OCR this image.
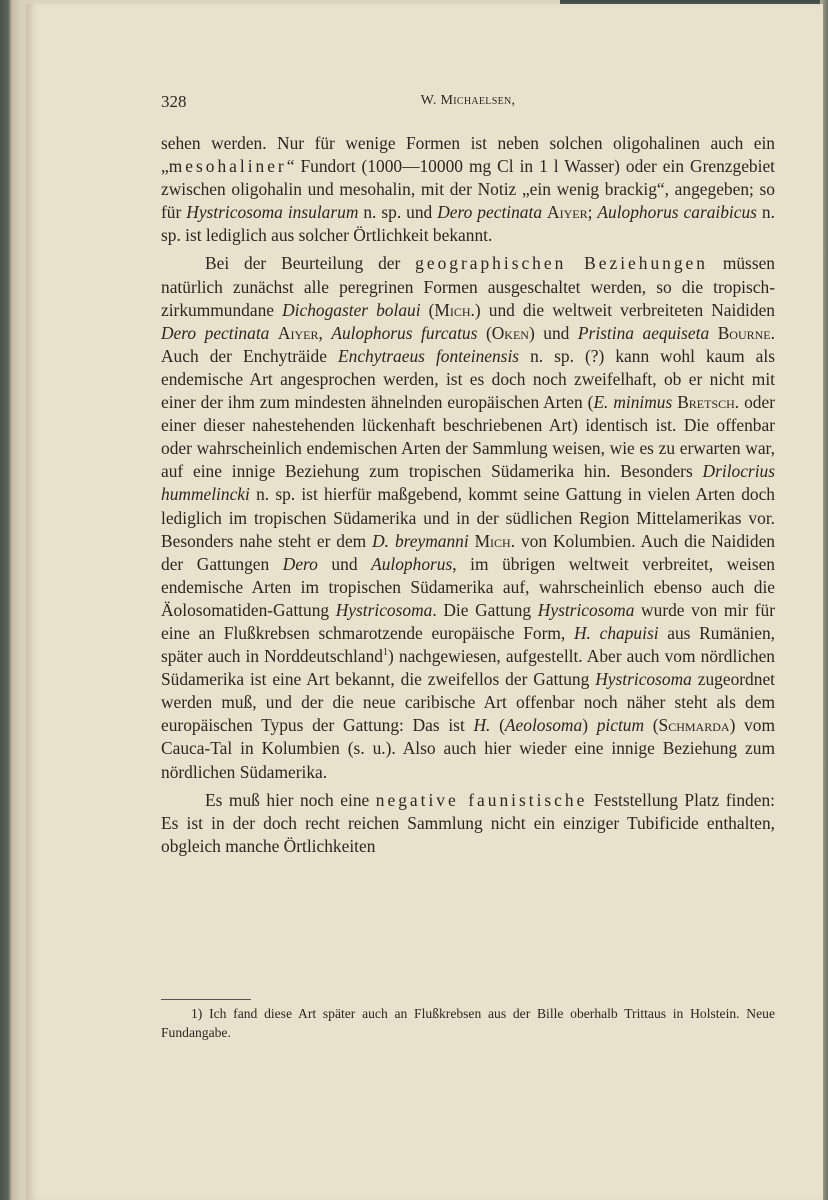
328	W. Michaelsen,

sehen werden. Nur für wenige Formen ist neben solchen oligohalinen auch ein „mesohaliner“ Fundort (1000—10000 mg Cl in 1 l Wasser) oder ein Grenzgebiet zwischen oligohalin und mesohalin, mit der Notiz „ein wenig brackig“, angegeben; so für Hystricosoma insularum n. sp. und Dero pectinata Aiyer; Aulophorus caraibicus n. sp. ist lediglich aus solcher Örtlichkeit bekannt.

Bei der Beurteilung der geographischen Beziehungen müssen natürlich zunächst alle peregrinen Formen ausgeschaltet werden, so die tropisch-zirkummundane Dichogaster bolaui (Mich.) und die weltweit verbreiteten Naididen Dero pectinata Aiyer, Aulophorus furcatus (Oken) und Pristina aequiseta Bourne. Auch der Enchyträide Enchytraeus fonteinensis n. sp. (?) kann wohl kaum als endemische Art angesprochen werden, ist es doch noch zweifelhaft, ob er nicht mit einer der ihm zum mindesten ähnelnden europäischen Arten (E. minimus Bretsch. oder einer dieser nahestehenden lückenhaft beschriebenen Art) identisch ist. Die offenbar oder wahrscheinlich endemischen Arten der Sammlung weisen, wie es zu erwarten war, auf eine innige Beziehung zum tropischen Südamerika hin. Besonders Drilocrius hummelincki n. sp. ist hierfür maßgebend, kommt seine Gattung in vielen Arten doch lediglich im tropischen Südamerika und in der südlichen Region Mittelamerikas vor. Besonders nahe steht er dem D. breymanni Mich. von Kolumbien. Auch die Naididen der Gattungen Dero und Aulophorus, im übrigen weltweit verbreitet, weisen endemische Arten im tropischen Südamerika auf, wahrscheinlich ebenso auch die Äolosomatiden-Gattung Hystricosoma. Die Gattung Hystricosoma wurde von mir für eine an Flußkrebsen schmarotzende europäische Form, H. chapuisi aus Rumänien, später auch in Norddeutschland$^1$) nachgewiesen, aufgestellt. Aber auch vom nördlichen Südamerika ist eine Art bekannt, die zweifellos der Gattung Hystricosoma zugeordnet werden muß, und der die neue caribische Art offenbar noch näher steht als dem europäischen Typus der Gattung: Das ist H. (Aeolosoma) pictum (Schmarda) vom Cauca-Tal in Kolumbien (s. u.). Also auch hier wieder eine innige Beziehung zum nördlichen Südamerika.

Es muß hier noch eine negative faunistische Feststellung Platz finden: Es ist in der doch recht reichen Sammlung nicht ein einziger Tubificide enthalten, obgleich manche Örtlichkeiten

1) Ich fand diese Art später auch an Flußkrebsen aus der Bille oberhalb Trittaus in Holstein. Neue Fundangabe.
